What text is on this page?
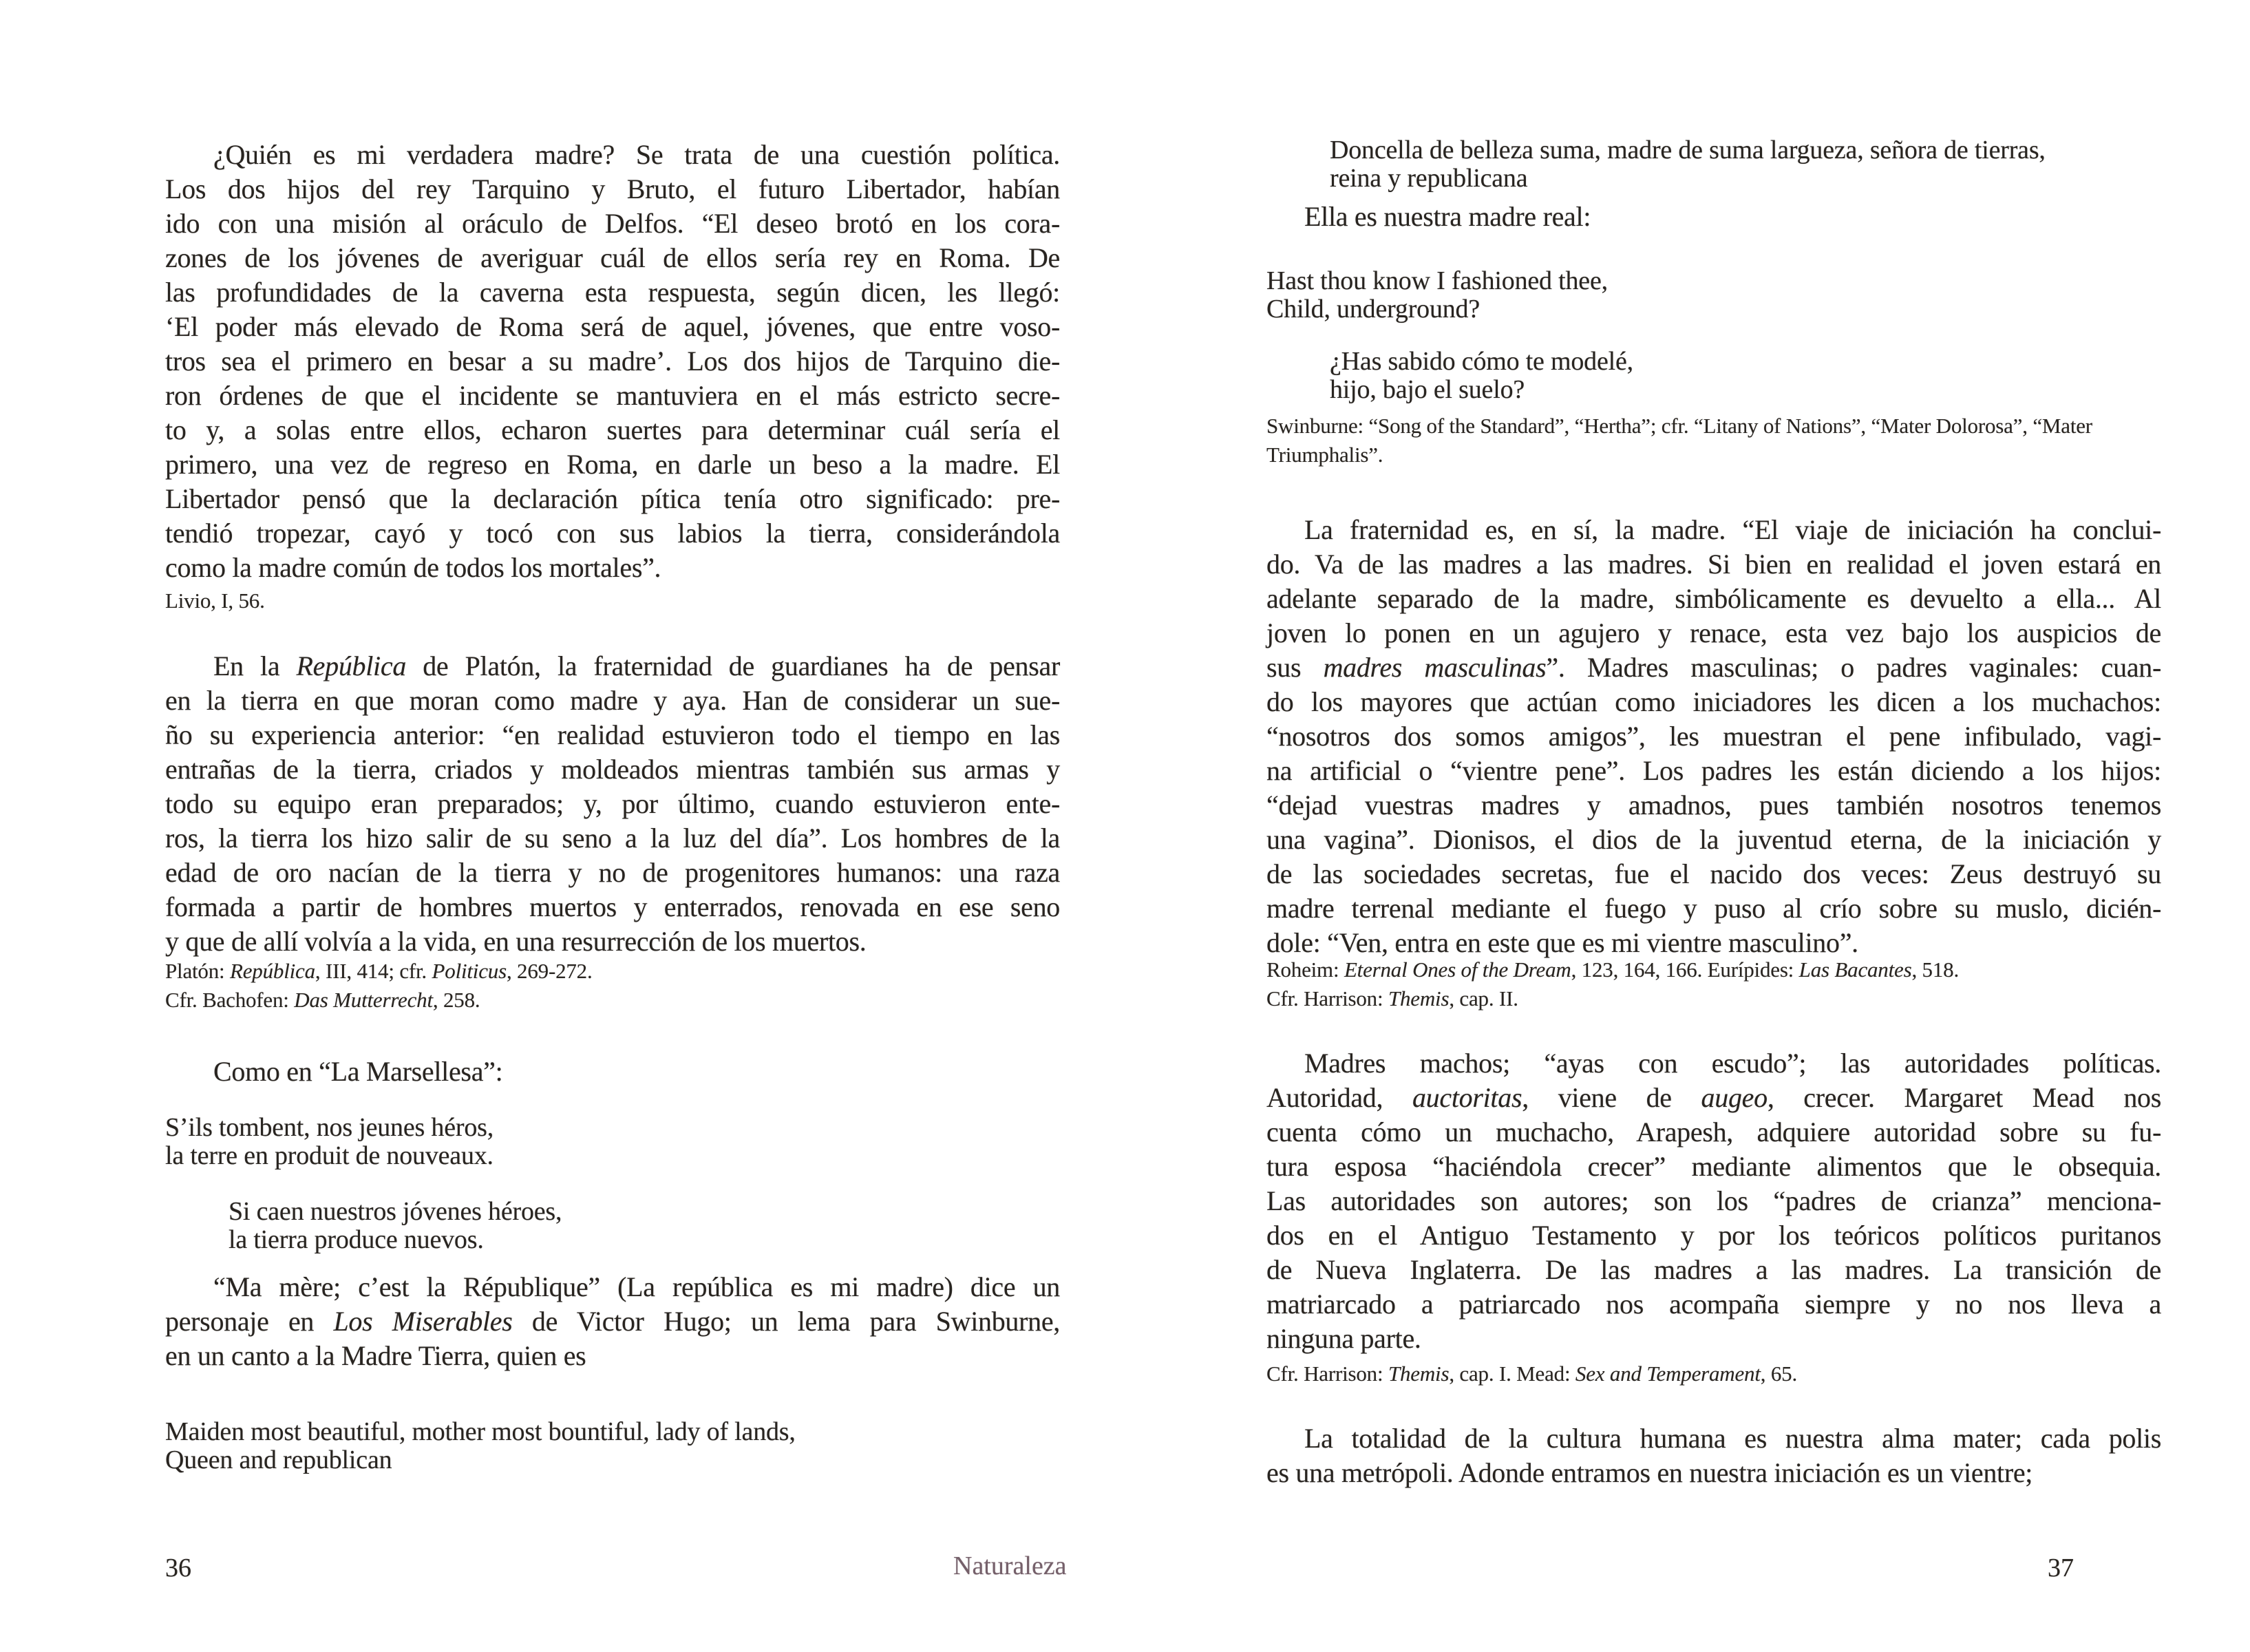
¿Quién es mi verdadera madre? Se trata de una cuestión política.
Los dos hijos del rey Tarquino y Bruto, el futuro Libertador, habían
ido con una misión al oráculo de Delfos. “El deseo brotó en los cora-
zones de los jóvenes de averiguar cuál de ellos sería rey en Roma. De
las profundidades de la caverna esta respuesta, según dicen, les llegó:
‘El poder más elevado de Roma será de aquel, jóvenes, que entre voso-
tros sea el primero en besar a su madre’. Los dos hijos de Tarquino die-
ron órdenes de que el incidente se mantuviera en el más estricto secre-
to y, a solas entre ellos, echaron suertes para determinar cuál sería el
primero, una vez de regreso en Roma, en darle un beso a la madre. El
Libertador pensó que la declaración pítica tenía otro significado: pre-
tendió tropezar, cayó y tocó con sus labios la tierra, considerándola
como la madre común de todos los mortales”.
Livio, I, 56.
En la República de Platón, la fraternidad de guardianes ha de pensar
en la tierra en que moran como madre y aya. Han de considerar un sue-
ño su experiencia anterior: “en realidad estuvieron todo el tiempo en las
entrañas de la tierra, criados y moldeados mientras también sus armas y
todo su equipo eran preparados; y, por último, cuando estuvieron ente-
ros, la tierra los hizo salir de su seno a la luz del día”. Los hombres de la
edad de oro nacían de la tierra y no de progenitores humanos: una raza
formada a partir de hombres muertos y enterrados, renovada en ese seno
y que de allí volvía a la vida, en una resurrección de los muertos.
Platón: República, III, 414; cfr. Politicus, 269-272.
Cfr. Bachofen: Das Mutterrecht, 258.
Como en “La Marsellesa”:
S’ils tombent, nos jeunes héros,
la terre en produit de nouveaux.
Si caen nuestros jóvenes héroes,
la tierra produce nuevos.
“Ma mère; c’est la République” (La república es mi madre) dice un
personaje en Los Miserables de Victor Hugo; un lema para Swinburne,
en un canto a la Madre Tierra, quien es
Maiden most beautiful, mother most bountiful, lady of lands,
Queen and republican
Doncella de belleza suma, madre de suma largueza, señora de tierras,
reina y republicana
Ella es nuestra madre real:
Hast thou know I fashioned thee,
Child, underground?
¿Has sabido cómo te modelé,
hijo, bajo el suelo?
Swinburne: “Song of the Standard”, “Hertha”; cfr. “Litany of Nations”, “Mater Dolorosa”, “Mater
Triumphalis”.
La fraternidad es, en sí, la madre. “El viaje de iniciación ha conclui-
do. Va de las madres a las madres. Si bien en realidad el joven estará en
adelante separado de la madre, simbólicamente es devuelto a ella... Al
joven lo ponen en un agujero y renace, esta vez bajo los auspicios de
sus madres masculinas”. Madres masculinas; o padres vaginales: cuan-
do los mayores que actúan como iniciadores les dicen a los muchachos:
“nosotros dos somos amigos”, les muestran el pene infibulado, vagi-
na artificial o “vientre pene”. Los padres les están diciendo a los hijos:
“dejad vuestras madres y amadnos, pues también nosotros tenemos
una vagina”. Dionisos, el dios de la juventud eterna, de la iniciación y
de las sociedades secretas, fue el nacido dos veces: Zeus destruyó su
madre terrenal mediante el fuego y puso al crío sobre su muslo, dicién-
dole: “Ven, entra en este que es mi vientre masculino”.
Roheim: Eternal Ones of the Dream, 123, 164, 166. Eurípides: Las Bacantes, 518.
Cfr. Harrison: Themis, cap. II.
Madres machos; “ayas con escudo”; las autoridades políticas.
Autoridad, auctoritas, viene de augeo, crecer. Margaret Mead nos
cuenta cómo un muchacho, Arapesh, adquiere autoridad sobre su fu-
tura esposa “haciéndola crecer” mediante alimentos que le obsequia.
Las autoridades son autores; son los “padres de crianza” menciona-
dos en el Antiguo Testamento y por los teóricos políticos puritanos
de Nueva Inglaterra. De las madres a las madres. La transición de
matriarcado a patriarcado nos acompaña siempre y no nos lleva a
ninguna parte.
Cfr. Harrison: Themis, cap. I. Mead: Sex and Temperament, 65.
La totalidad de la cultura humana es nuestra alma mater; cada polis
es una metrópoli. Adonde entramos en nuestra iniciación es un vientre;
36	Naturaleza	37
